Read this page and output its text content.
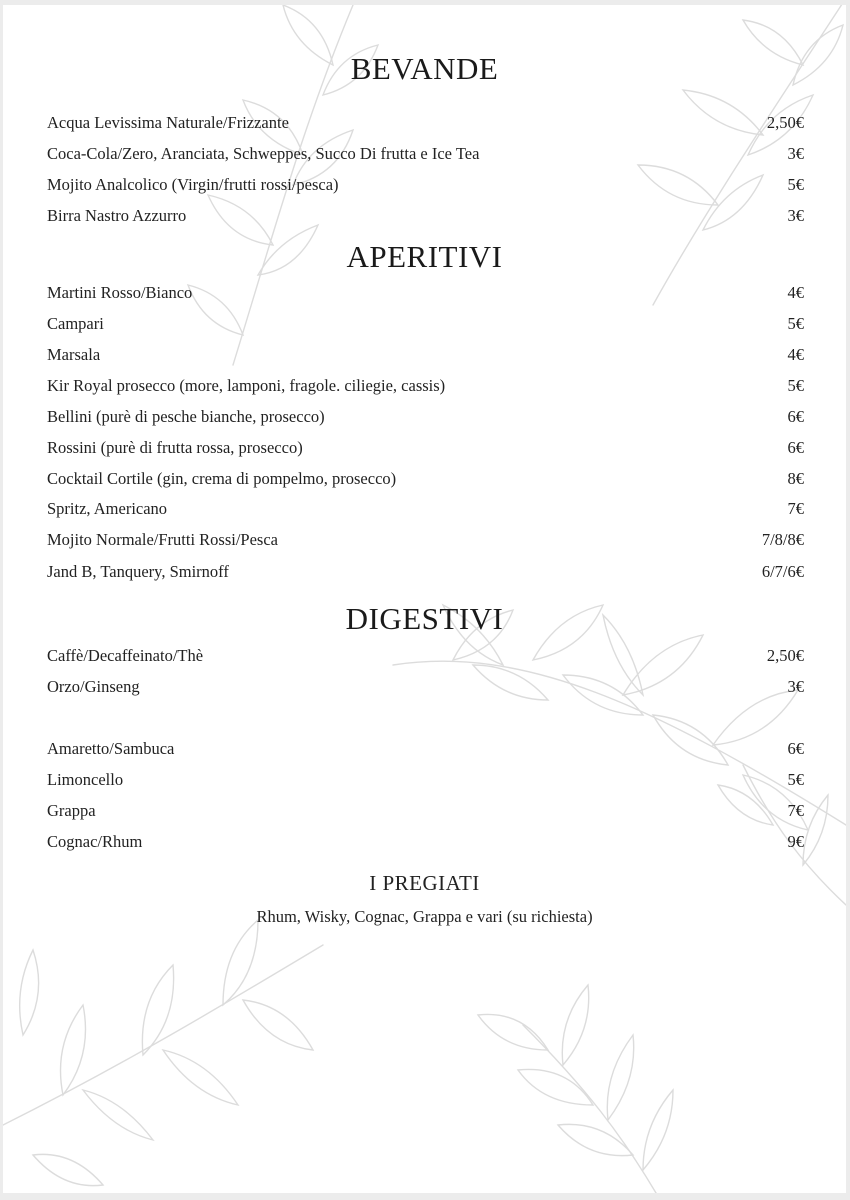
BEVANDE
Acqua Levissima Naturale/Frizzante	2,50€
Coca-Cola/Zero, Aranciata, Schweppes, Succo Di frutta e Ice Tea	3€
Mojito Analcolico (Virgin/frutti rossi/pesca)	5€
Birra Nastro Azzurro	3€
APERITIVI
Martini Rosso/Bianco	4€
Campari	5€
Marsala	4€
Kir Royal prosecco (more, lamponi, fragole. ciliegie, cassis)	5€
Bellini (purè di pesche bianche, prosecco)	6€
Rossini (purè di frutta rossa, prosecco)	6€
Cocktail Cortile (gin, crema di pompelmo, prosecco)	8€
Spritz, Americano	7€
Mojito Normale/Frutti Rossi/Pesca	7/8/8€
Jand B, Tanquery, Smirnoff	6/7/6€
DIGESTIVI
Caffè/Decaffeinato/Thè	2,50€
Orzo/Ginseng	3€
Amaretto/Sambuca	6€
Limoncello	5€
Grappa	7€
Cognac/Rhum	9€
I PREGIATI
Rhum, Wisky, Cognac, Grappa e vari (su richiesta)
